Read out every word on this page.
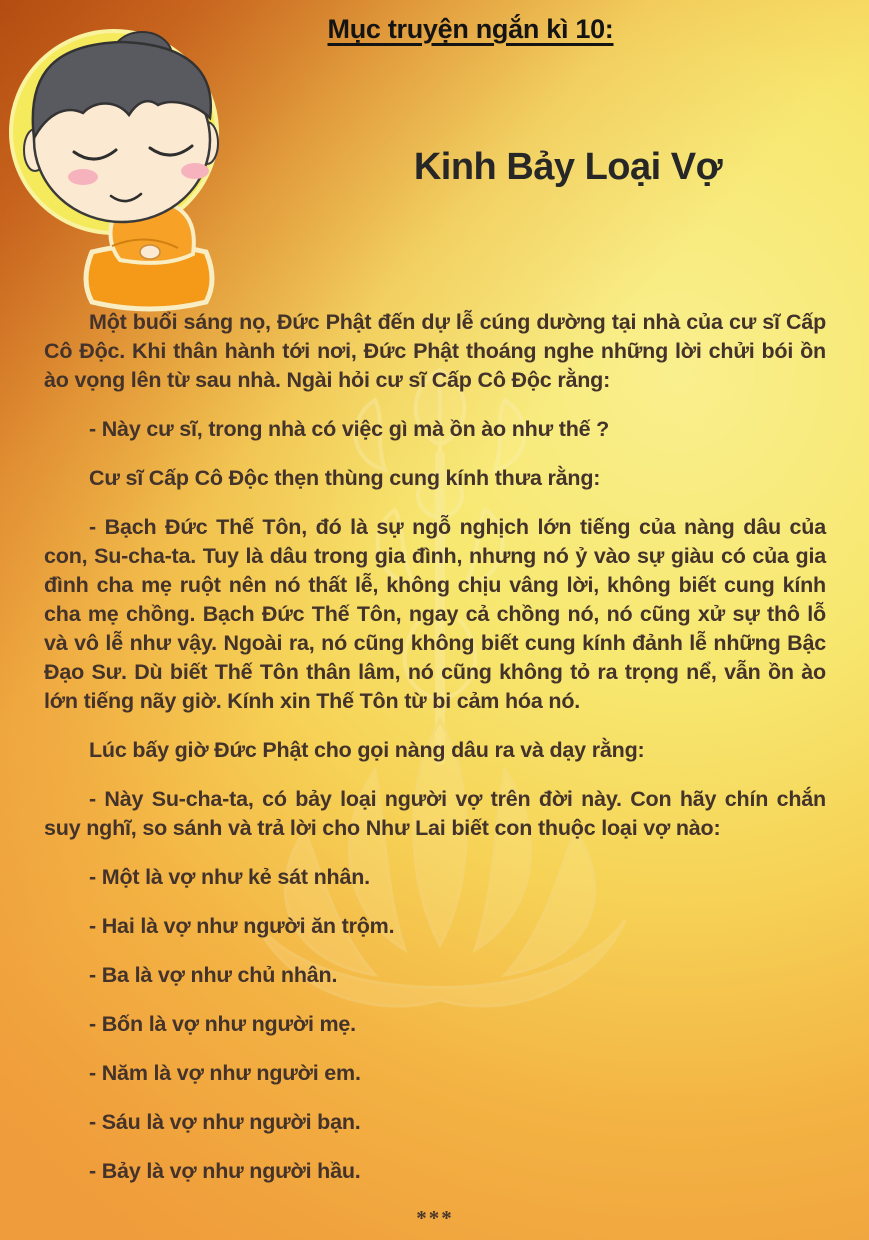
Mục truyện ngắn kì 10:
Kinh Bảy Loại Vợ

Một buổi sáng nọ, Đức Phật đến dự lễ cúng dường tại nhà của cư sĩ Cấp Cô Độc. Khi thân hành tới nơi, Đức Phật thoáng nghe những lời chửi bói ồn ào vọng lên từ sau nhà. Ngài hỏi cư sĩ Cấp Cô Độc rằng:

- Này cư sĩ, trong nhà có việc gì mà ồn ào như thế ?

Cư sĩ Cấp Cô Độc thẹn thùng cung kính thưa rằng:

- Bạch Đức Thế Tôn, đó là sự ngỗ nghịch lớn tiếng của nàng dâu của con, Su-cha-ta. Tuy là dâu trong gia đình, nhưng nó ỷ vào sự giàu có của gia đình cha mẹ ruột nên nó thất lễ, không chịu vâng lời, không biết cung kính cha mẹ chồng. Bạch Đức Thế Tôn, ngay cả chồng nó, nó cũng xử sự thô lỗ và vô lễ như vậy. Ngoài ra, nó cũng không biết cung kính đảnh lễ những Bậc Đạo Sư. Dù biết Thế Tôn thân lâm, nó cũng không tỏ ra trọng nể, vẫn ồn ào lớn tiếng nãy giờ. Kính xin Thế Tôn từ bi cảm hóa nó.

Lúc bấy giờ Đức Phật cho gọi nàng dâu ra và dạy rằng:

- Này Su-cha-ta, có bảy loại người vợ trên đời này. Con hãy chín chắn suy nghĩ, so sánh và trả lời cho Như Lai biết con thuộc loại vợ nào:

- Một là vợ như kẻ sát nhân.

- Hai là vợ như người ăn trộm.

- Ba là vợ như chủ nhân.

- Bốn là vợ như người mẹ.

- Năm là vợ như người em.

- Sáu là vợ như người bạn.

- Bảy là vợ như người hầu.

***
